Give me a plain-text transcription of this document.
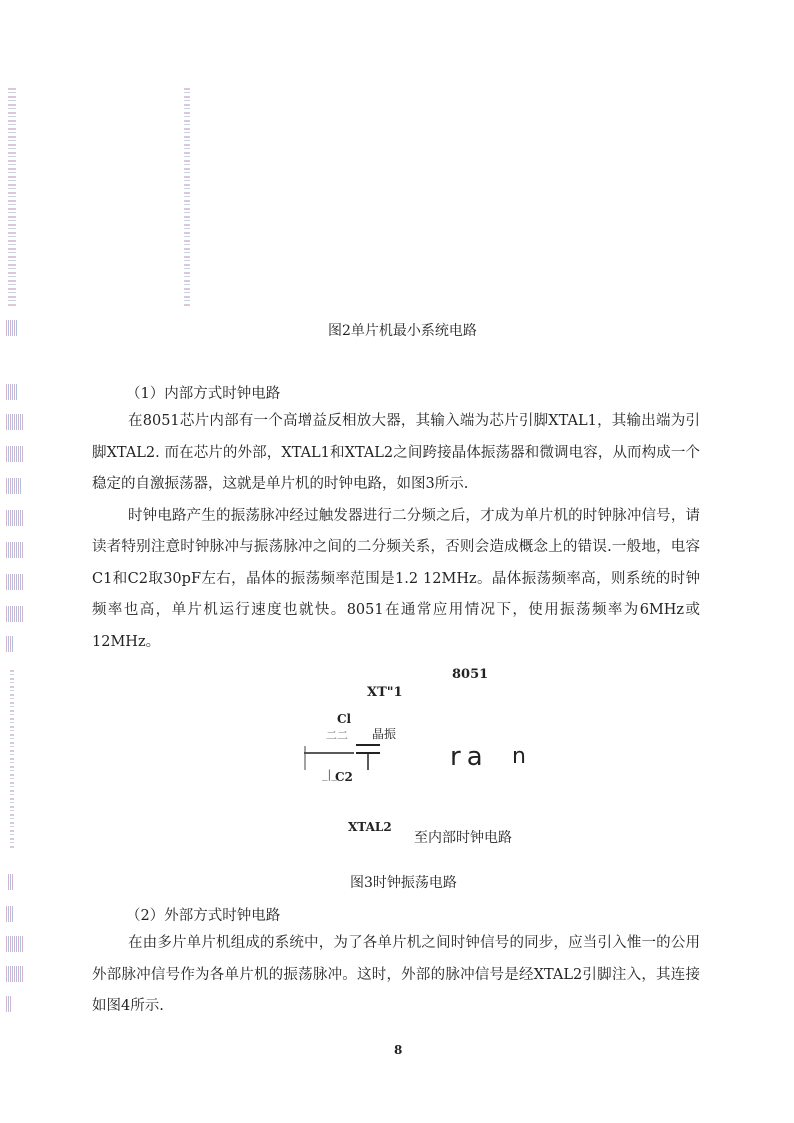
图2单片机最小系统电路
（1）内部方式时钟电路

在8051芯片内部有一个高增益反相放大器，其输入端为芯片引脚XTAL1，其输出端为引脚XTAL2. 而在芯片的外部，XTAL1和XTAL2之间跨接晶体振荡器和微调电容，从而构成一个稳定的自激振荡器，这就是单片机的时钟电路，如图3所示.

时钟电路产生的振荡脉冲经过触发器进行二分频之后，才成为单片机的时钟脉冲信号，请读者特别注意时钟脉冲与振荡脉冲之间的二分频关系，否则会造成概念上的错误.一般地，电容C1和C2取30pF左右，晶体的振荡频率范围是1.2 12MHz。晶体振荡频率高，则系统的时钟频率也高，单片机运行速度也就快。8051在通常应用情况下，使用振荡频率为6MHz或12MHz。

8051
XT"1
Cl
二二 晶振
_|_
C2
ra n
XTAL2
至内部时钟电路
图3时钟振荡电路
（2）外部方式时钟电路

在由多片单片机组成的系统中，为了各单片机之间时钟信号的同步，应当引入惟一的公用外部脉冲信号作为各单片机的振荡脉冲。这时，外部的脉冲信号是经XTAL2引脚注入，其连接如图4所示.

8
